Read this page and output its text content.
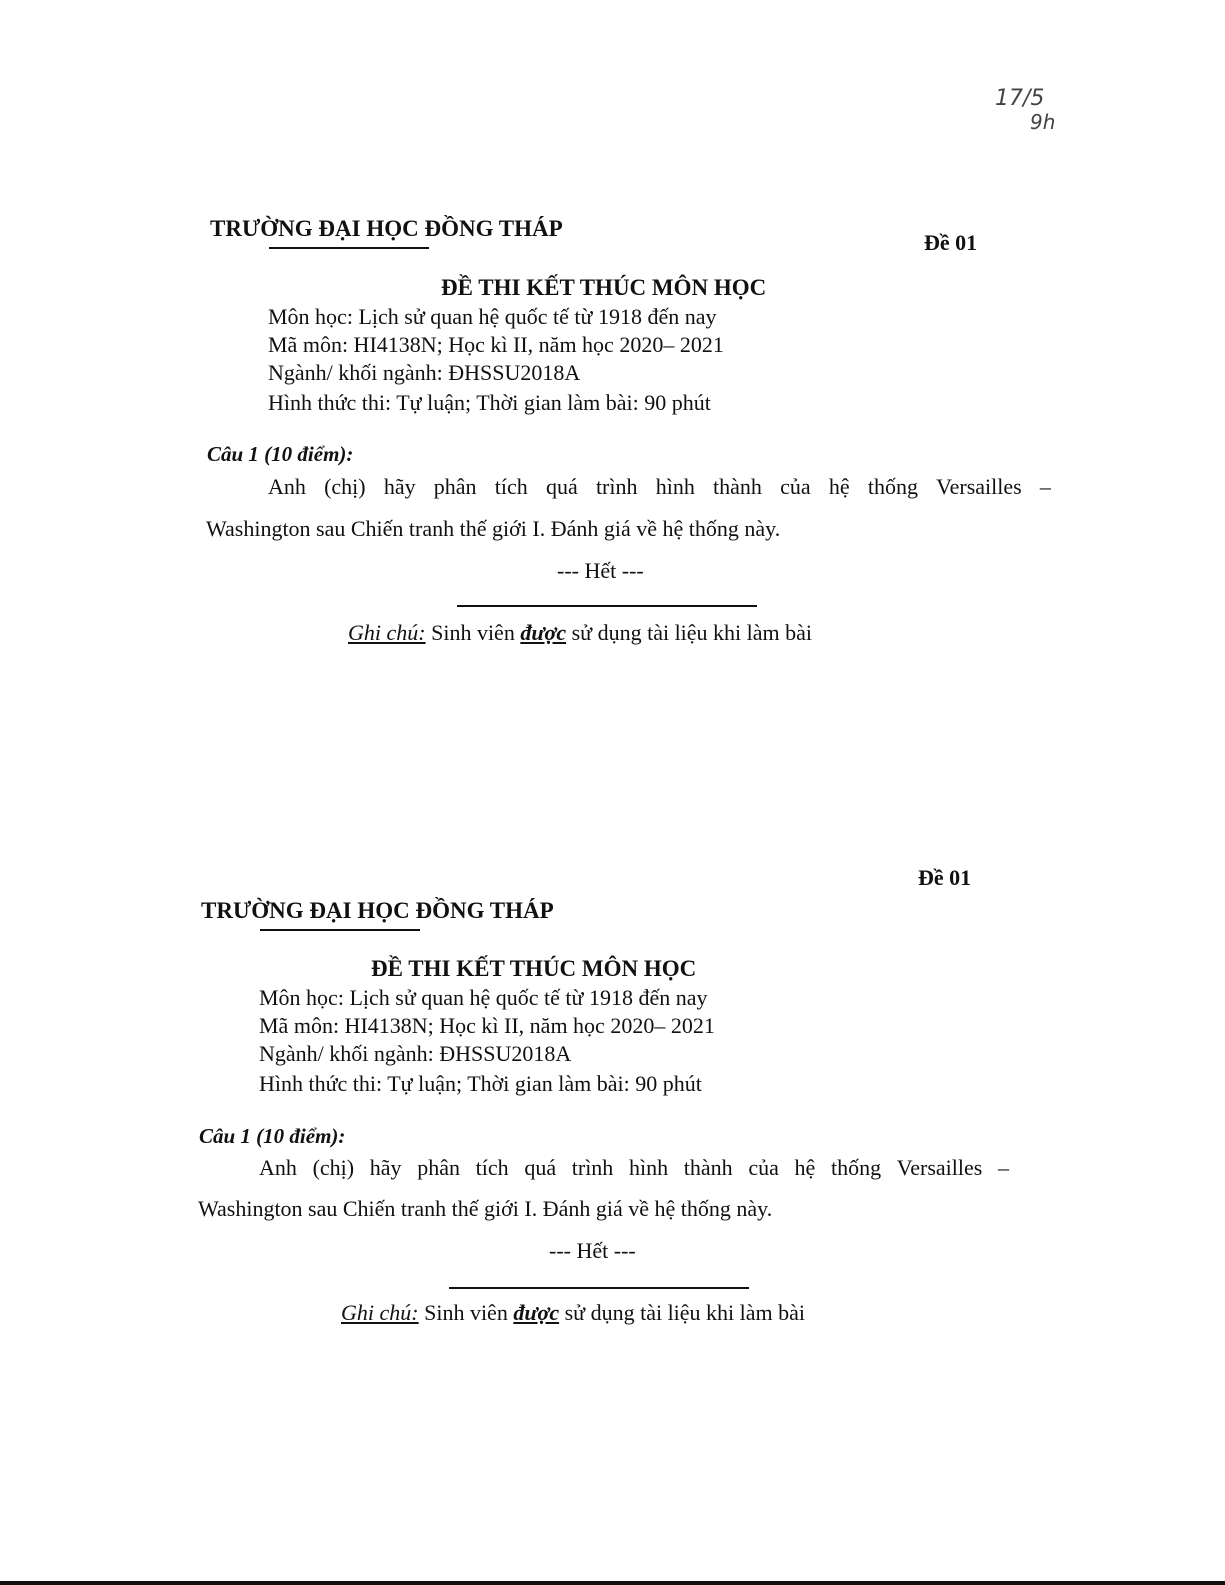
17/5
9h
TRƯỜNG ĐẠI HỌC ĐỒNG THÁP
Đề 01
ĐỀ THI KẾT THÚC MÔN HỌC
Môn học: Lịch sử quan hệ quốc tế từ 1918 đến nay
Mã môn: HI4138N; Học kì II, năm học 2020– 2021
Ngành/ khối ngành: ĐHSSU2018A
Hình thức thi: Tự luận; Thời gian làm bài: 90 phút
Câu 1 (10 điểm):
Anh (chị) hãy phân tích quá trình hình thành của hệ thống Versailles –
Washington sau Chiến tranh thế giới I. Đánh giá về hệ thống này.
--- Hết ---
Ghi chú: Sinh viên được sử dụng tài liệu khi làm bài
Đề 01
TRƯỜNG ĐẠI HỌC ĐỒNG THÁP
ĐỀ THI KẾT THÚC MÔN HỌC
Môn học: Lịch sử quan hệ quốc tế từ 1918 đến nay
Mã môn: HI4138N; Học kì II, năm học 2020– 2021
Ngành/ khối ngành: ĐHSSU2018A
Hình thức thi: Tự luận; Thời gian làm bài: 90 phút
Câu 1 (10 điểm):
Anh (chị) hãy phân tích quá trình hình thành của hệ thống Versailles –
Washington sau Chiến tranh thế giới I. Đánh giá về hệ thống này.
--- Hết ---
Ghi chú: Sinh viên được sử dụng tài liệu khi làm bài
